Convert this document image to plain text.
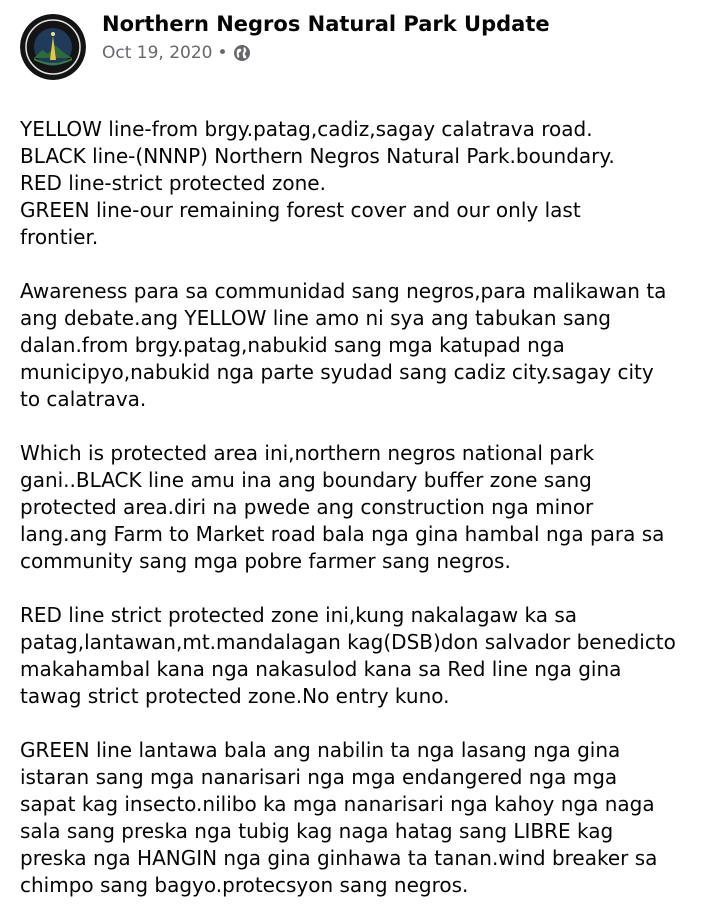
Northern Negros Natural Park Update
Oct 19, 2020 •

YELLOW line-from brgy.patag,cadiz,sagay calatrava road.
BLACK line-(NNNP) Northern Negros Natural Park.boundary.
RED line-strict protected zone.
GREEN line-our remaining forest cover and our only last
frontier.

Awareness para sa communidad sang negros,para malikawan ta
ang debate.ang YELLOW line amo ni sya ang tabukan sang
dalan.from brgy.patag,nabukid sang mga katupad nga
municipyo,nabukid nga parte syudad sang cadiz city.sagay city
to calatrava.

Which is protected area ini,northern negros national park
gani..BLACK line amu ina ang boundary buffer zone sang
protected area.diri na pwede ang construction nga minor
lang.ang Farm to Market road bala nga gina hambal nga para sa
community sang mga pobre farmer sang negros.

RED line strict protected zone ini,kung nakalagaw ka sa
patag,lantawan,mt.mandalagan kag(DSB)don salvador benedicto
makahambal kana nga nakasulod kana sa Red line nga gina
tawag strict protected zone.No entry kuno.

GREEN line lantawa bala ang nabilin ta nga lasang nga gina
istaran sang mga nanarisari nga mga endangered nga mga
sapat kag insecto.nilibo ka mga nanarisari nga kahoy nga naga
sala sang preska nga tubig kag naga hatag sang LIBRE kag
preska nga HANGIN nga gina ginhawa ta tanan.wind breaker sa
chimpo sang bagyo.protecsyon sang negros.
